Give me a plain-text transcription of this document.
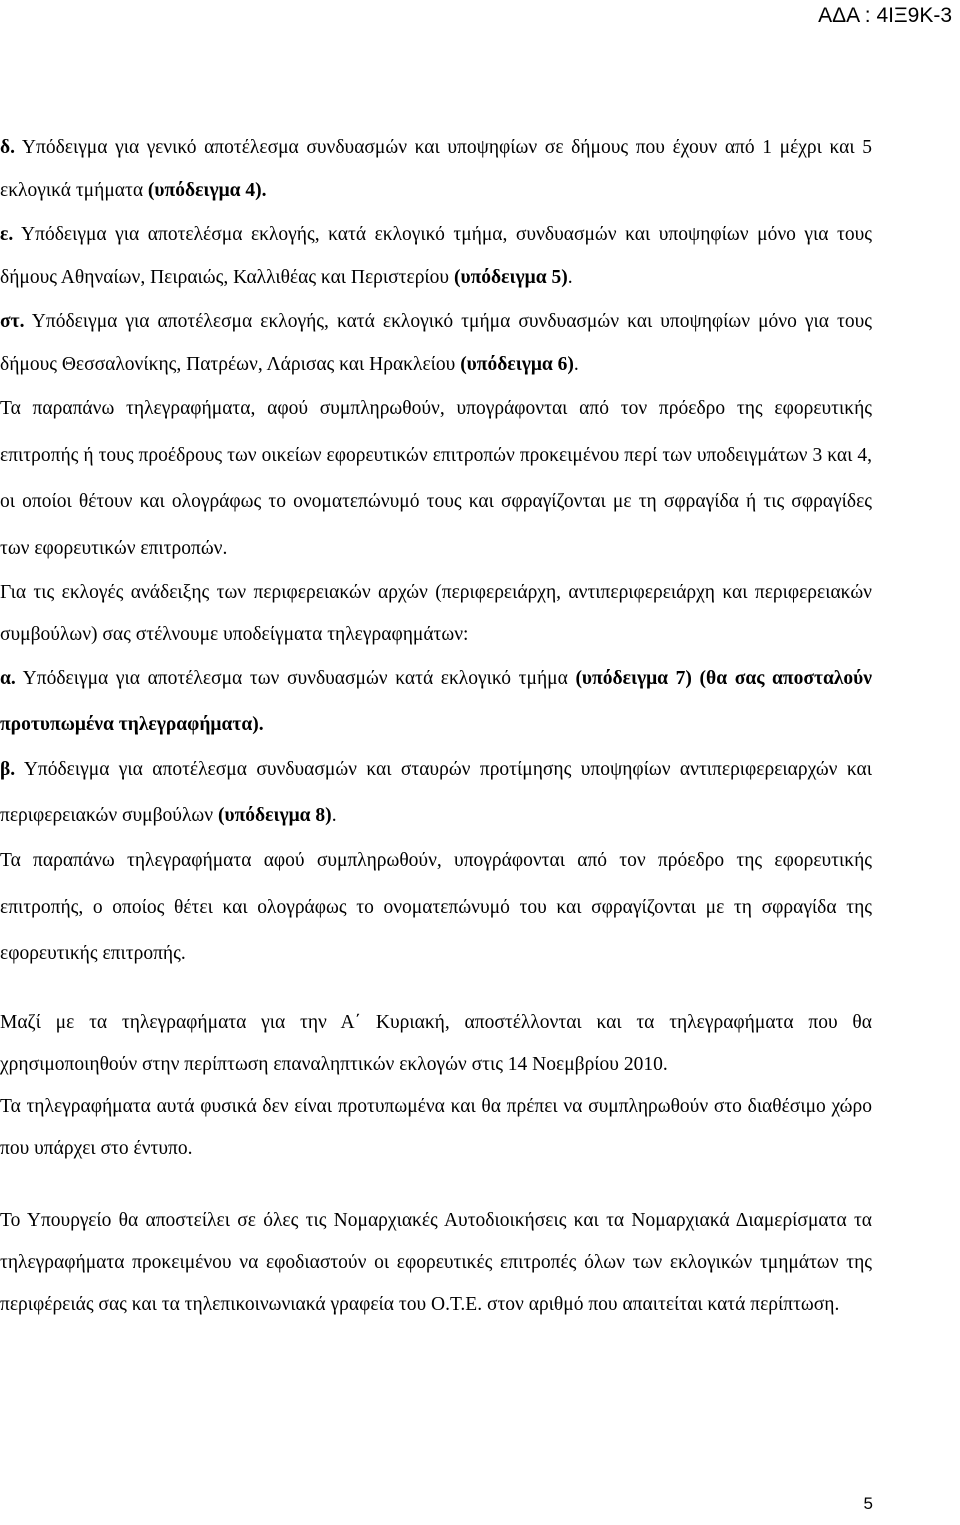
ΑΔΑ : 4ΙΞ9Κ-3
δ. Υπόδειγμα για γενικό αποτέλεσμα συνδυασμών και υποψηφίων σε δήμους που έχουν από 1 μέχρι και 5 εκλογικά τμήματα (υπόδειγμα 4).
ε. Υπόδειγμα για αποτελέσμα εκλογής, κατά εκλογικό τμήμα, συνδυασμών και υποψηφίων μόνο για τους δήμους Αθηναίων, Πειραιώς, Καλλιθέας και Περιστερίου (υπόδειγμα 5).
στ. Υπόδειγμα για αποτέλεσμα εκλογής, κατά εκλογικό τμήμα συνδυασμών και υποψηφίων μόνο για τους δήμους Θεσσαλονίκης, Πατρέων, Λάρισας και Ηρακλείου (υπόδειγμα 6).
Τα παραπάνω τηλεγραφήματα, αφού συμπληρωθούν, υπογράφονται από τον πρόεδρο της εφορευτικής επιτροπής ή τους προέδρους των οικείων εφορευτικών επιτροπών προκειμένου περί των υποδειγμάτων 3 και 4, οι οποίοι θέτουν και ολογράφως το ονοματεπώνυμό τους και σφραγίζονται με τη σφραγίδα ή τις σφραγίδες των εφορευτικών επιτροπών.
Για τις εκλογές ανάδειξης των περιφερειακών αρχών (περιφερειάρχη, αντιπεριφερειάρχη και περιφερειακών συμβούλων) σας στέλνουμε υποδείγματα τηλεγραφημάτων:
α. Υπόδειγμα για αποτέλεσμα των συνδυασμών κατά εκλογικό τμήμα (υπόδειγμα 7) (θα σας αποσταλούν προτυπωμένα τηλεγραφήματα).
β. Υπόδειγμα για αποτέλεσμα συνδυασμών και σταυρών προτίμησης υποψηφίων αντιπεριφερειαρχών και περιφερειακών συμβούλων (υπόδειγμα 8).
Τα παραπάνω τηλεγραφήματα αφού συμπληρωθούν, υπογράφονται από τον πρόεδρο της εφορευτικής επιτροπής, ο οποίος θέτει και ολογράφως το ονοματεπώνυμό του και σφραγίζονται με τη σφραγίδα της εφορευτικής επιτροπής.
Μαζί με τα τηλεγραφήματα για την Α΄ Κυριακή, αποστέλλονται και τα τηλεγραφήματα που θα χρησιμοποιηθούν στην περίπτωση επαναληπτικών εκλογών στις 14 Νοεμβρίου 2010.
Τα τηλεγραφήματα αυτά φυσικά δεν είναι προτυπωμένα και θα πρέπει να συμπληρωθούν στο διαθέσιμο χώρο που υπάρχει στο έντυπο.
Το Υπουργείο θα αποστείλει σε όλες τις Νομαρχιακές Αυτοδιοικήσεις και τα Νομαρχιακά Διαμερίσματα τα τηλεγραφήματα προκειμένου να εφοδιαστούν οι εφορευτικές επιτροπές όλων των εκλογικών τμημάτων της περιφέρειάς σας και τα τηλεπικοινωνιακά γραφεία του Ο.Τ.Ε. στον αριθμό που απαιτείται κατά περίπτωση.
5
